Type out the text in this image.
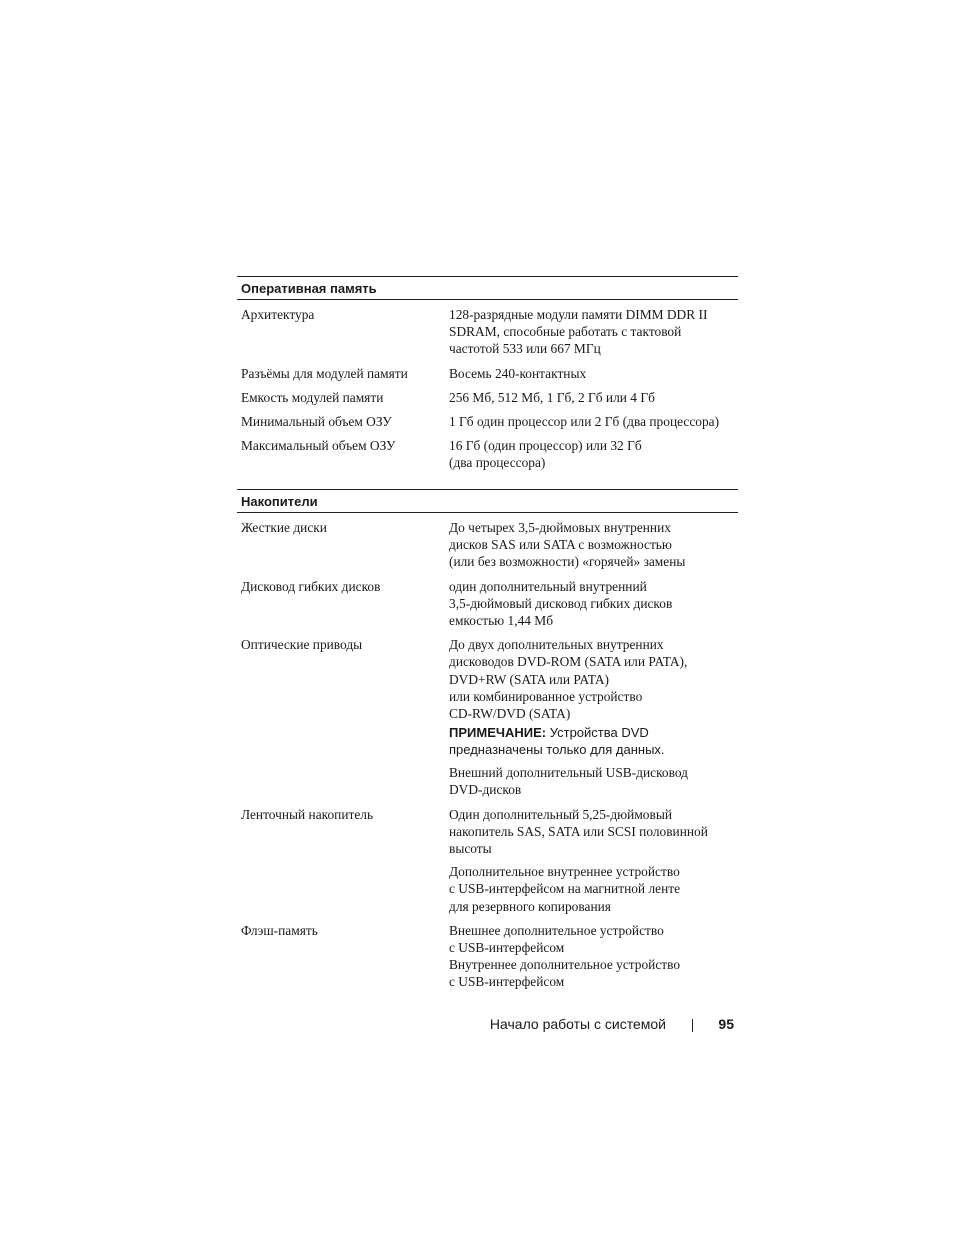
Оперативная память
Архитектура	128-разрядные модули памяти DIMM DDR II

SDRAM, способные работать с тактовой

частотой 533 или 667 МГц

Разъёмы для модулей памяти	Восемь 240-контактных

Емкость модулей памяти	256 Мб, 512 Мб, 1 Гб, 2 Гб или 4 Гб

Минимальный объем ОЗУ	1 Гб один процессор или 2 Гб (два процессора)

Максимальный объем ОЗУ	16 Гб (один процессор) или 32 Гб

(два процессора)

Накопители
Жесткие диски	До четырех 3,5-дюймовых внутренних

дисков SAS или SATA с возможностью

(или без возможности) «горячей» замены

Дисковод гибких дисков	один дополнительный внутренний

3,5-дюймовый дисковод гибких дисков

емкостью 1,44 Мб

Оптические приводы	До двух дополнительных внутренних

дисководов DVD-ROM (SATA или PATA),

DVD+RW (SATA или PATA)

или комбинированное устройство

CD-RW/DVD (SATA)

ПРИМЕЧАНИЕ: Устройства DVD
предназначены только для данных.

Внешний дополнительный USB-дисковод

DVD-дисков

Ленточный накопитель	Один дополнительный 5,25-дюймовый

накопитель SAS, SATA или SCSI половинной

высоты

Дополнительное внутреннее устройство

с USB-интерфейсом на магнитной ленте

для резервного копирования

Флэш-память	Внешнее дополнительное устройство

с USB-интерфейсом

Внутреннее дополнительное устройство

с USB-интерфейсом

Начало работы с системой	95
